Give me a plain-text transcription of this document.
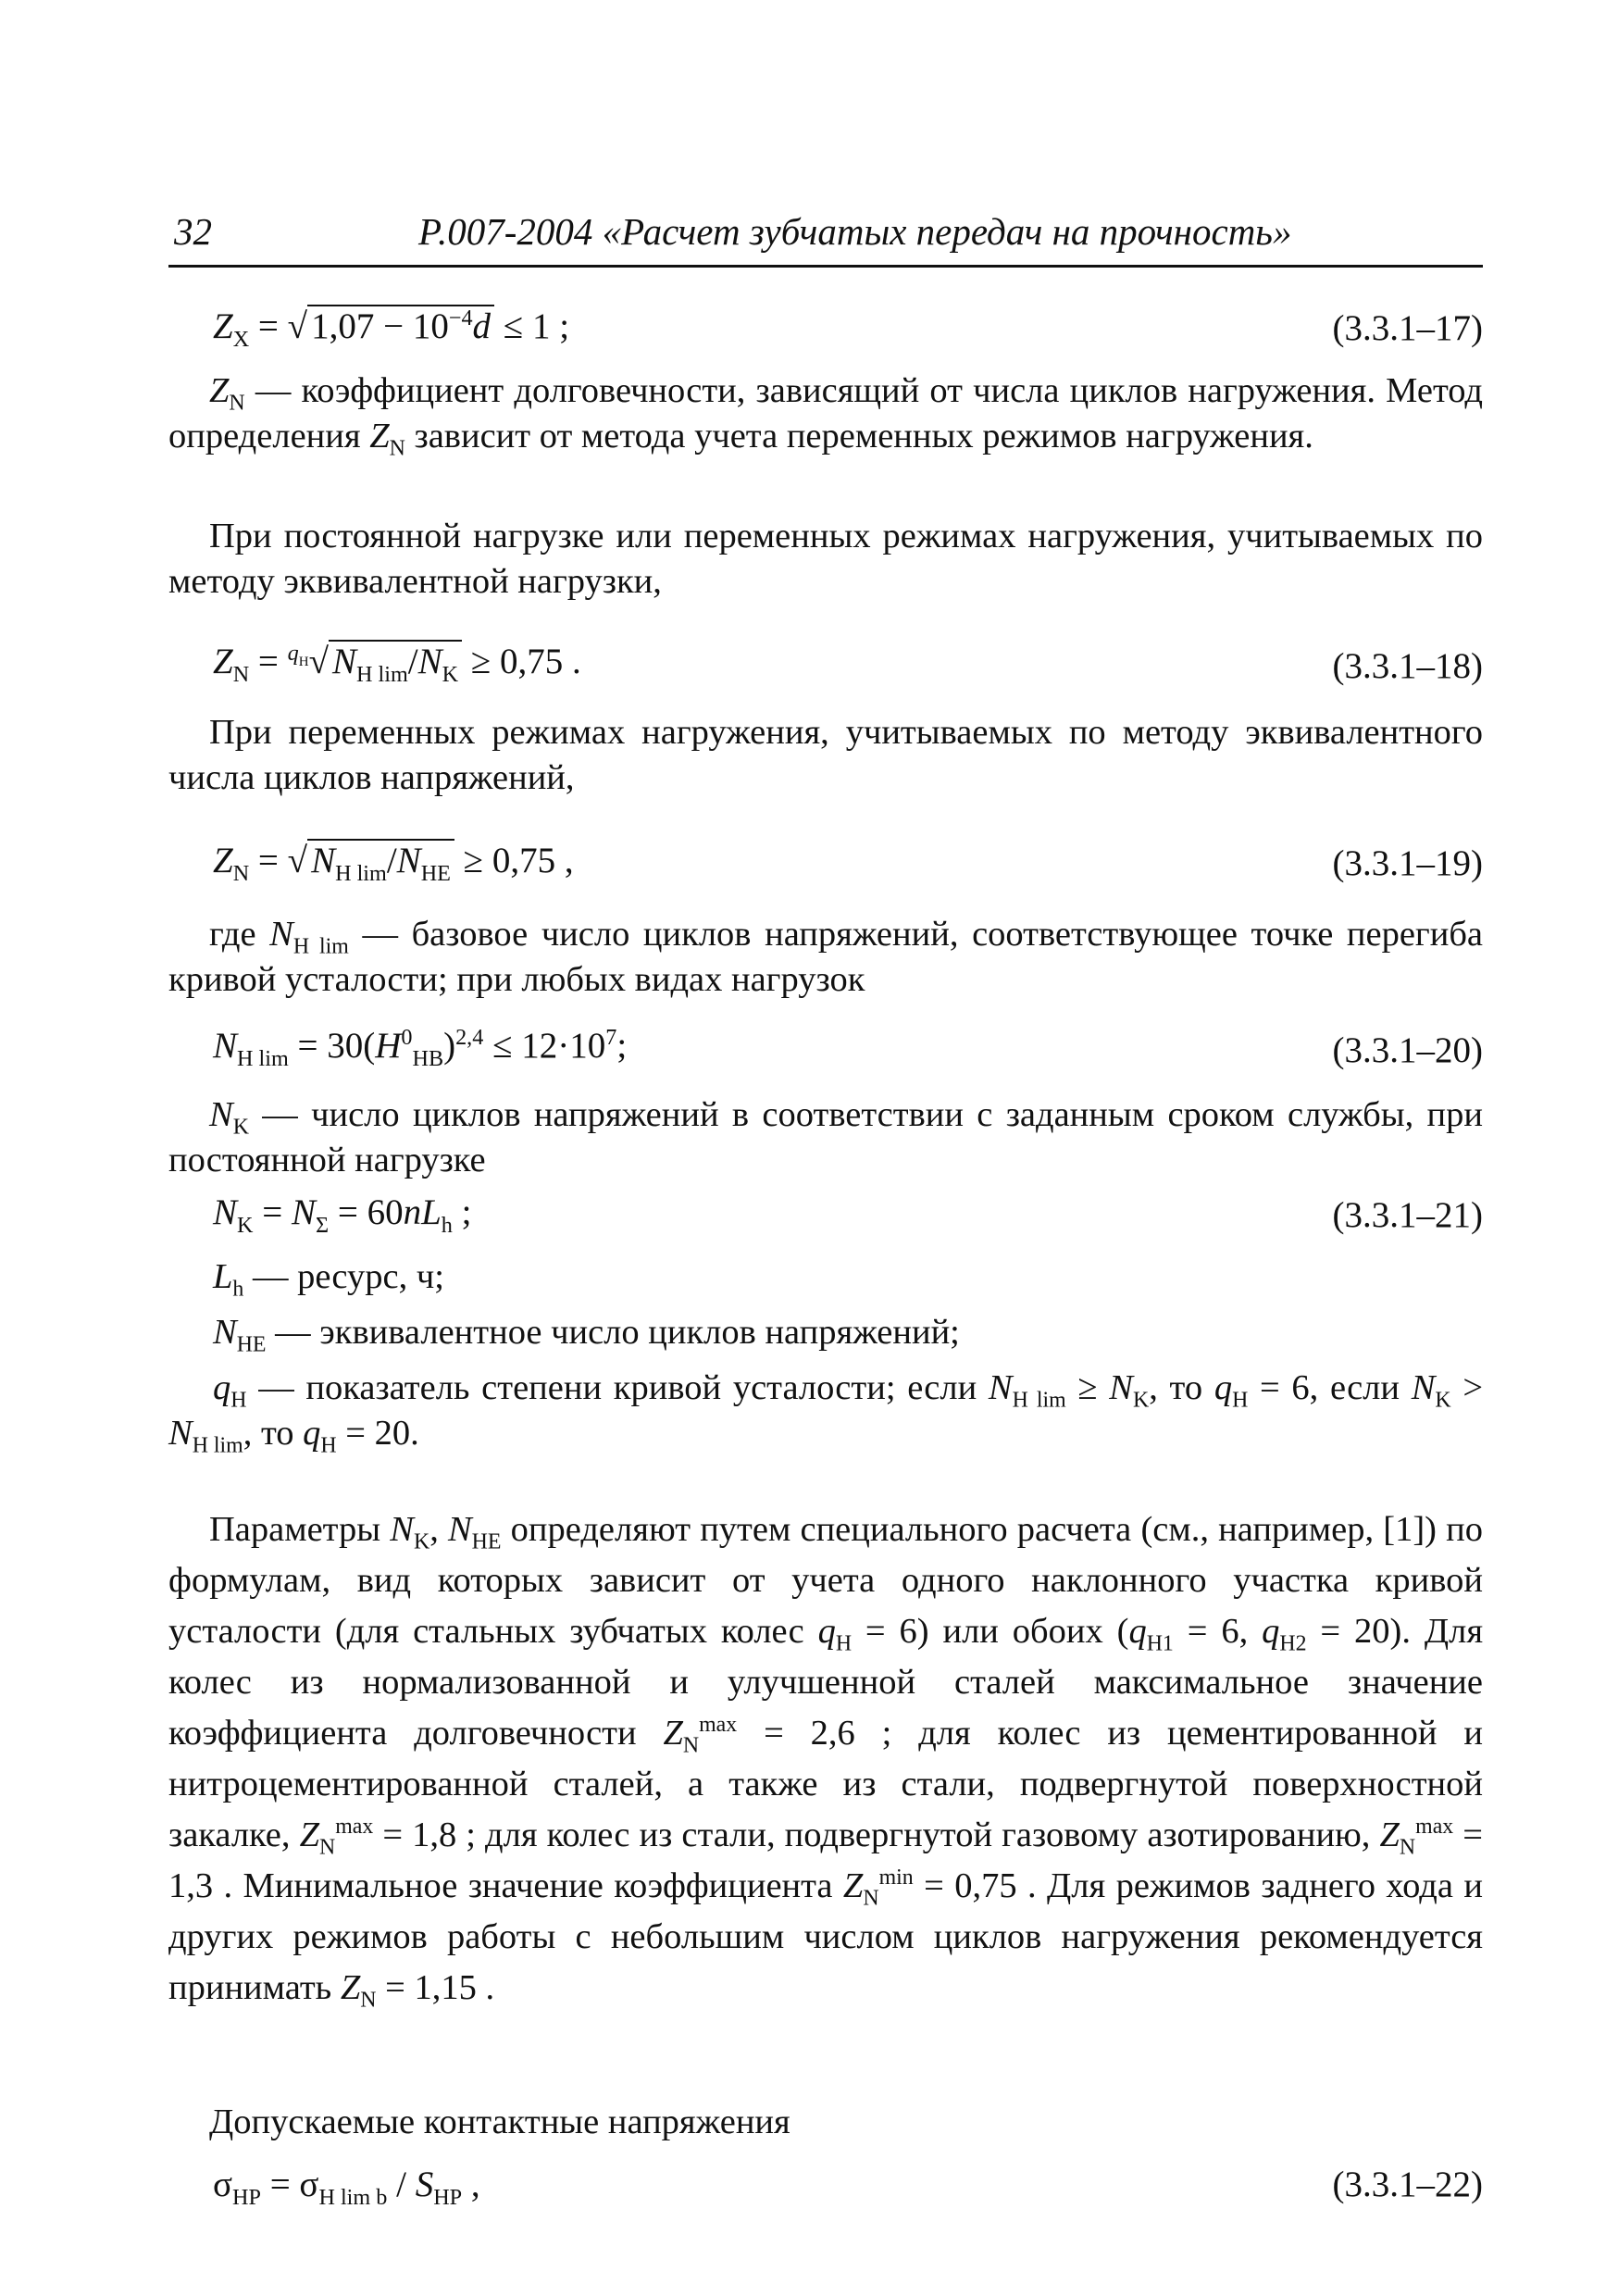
32	Р.007-2004 «Расчет зубчатых передач на прочность»
$Z_X$ = √ $1,07 - 10^{-4}d \le 1$ ;	(3.3.1–17)
$Z_N$ — коэффициент долговечности, зависящий от числа циклов нагружения. Метод определения $Z_N$ зависит от метода учета переменных режимов нагружения.
При постоянной нагрузке или переменных режимах нагружения, учитываемых по методу эквивалентной нагрузки,
$Z_N = ^{q_H}√$ $N_{H lim}/N_K \ge 0,75$ .	(3.3.1–18)
При переменных режимах нагружения, учитываемых по методу эквивалентного числа циклов напряжений,
$Z_N$ = √ $N_{H lim}/N_{HE} \ge 0,75$ ,	(3.3.1–19)
где $N_{H lim}$ — базовое число циклов напряжений, соответствующее точке перегиба кривой усталости; при любых видах нагрузок
$N_{H lim} = 30(H^0_{HB})^{2,4} \le 12\cdot 10^7$;	(3.3.1–20)
$N_K$ — число циклов напряжений в соответствии с заданным сроком службы, при постоянной нагрузке
$N_K = N_\Sigma = 60nL_h$ ;	(3.3.1–21)
$L_h$ — ресурс, ч;
$N_{HE}$ — эквивалентное число циклов напряжений;
$q_H$ — показатель степени кривой усталости; если $N_{H lim} \ge N_K$, то $q_H = 6$, если $N_K > N_{H lim}$, то $q_H = 20$.
Параметры $N_K$, $N_{HE}$ определяют путем специального расчета (см., например, [1]) по формулам, вид которых зависит от учета одного наклонного участка кривой усталости (для стальных зубчатых колес $q_H = 6$) или обоих ($q_{H1} = 6$, $q_{H2} = 20$). Для колес из нормализованной и улучшенной сталей максимальное значение коэффициента долговечности $Z_N^{max} = 2,6$ ; для колес из цементированной и нитроцементированной сталей, а также из стали, подвергнутой поверхностной закалке, $Z_N^{max} = 1,8$ ; для колес из стали, подвергнутой газовому азотированию, $Z_N^{max} = 1,3$ . Минимальное значение коэффициента $Z_N^{min} = 0,75$ . Для режимов заднего хода и других режимов работы с небольшим числом циклов нагружения рекомендуется принимать $Z_N = 1,15$ .
Допускаемые контактные напряжения
$\sigma_{HP} = \sigma_{H lim b} / S_{HP}$ ,	(3.3.1–22)
